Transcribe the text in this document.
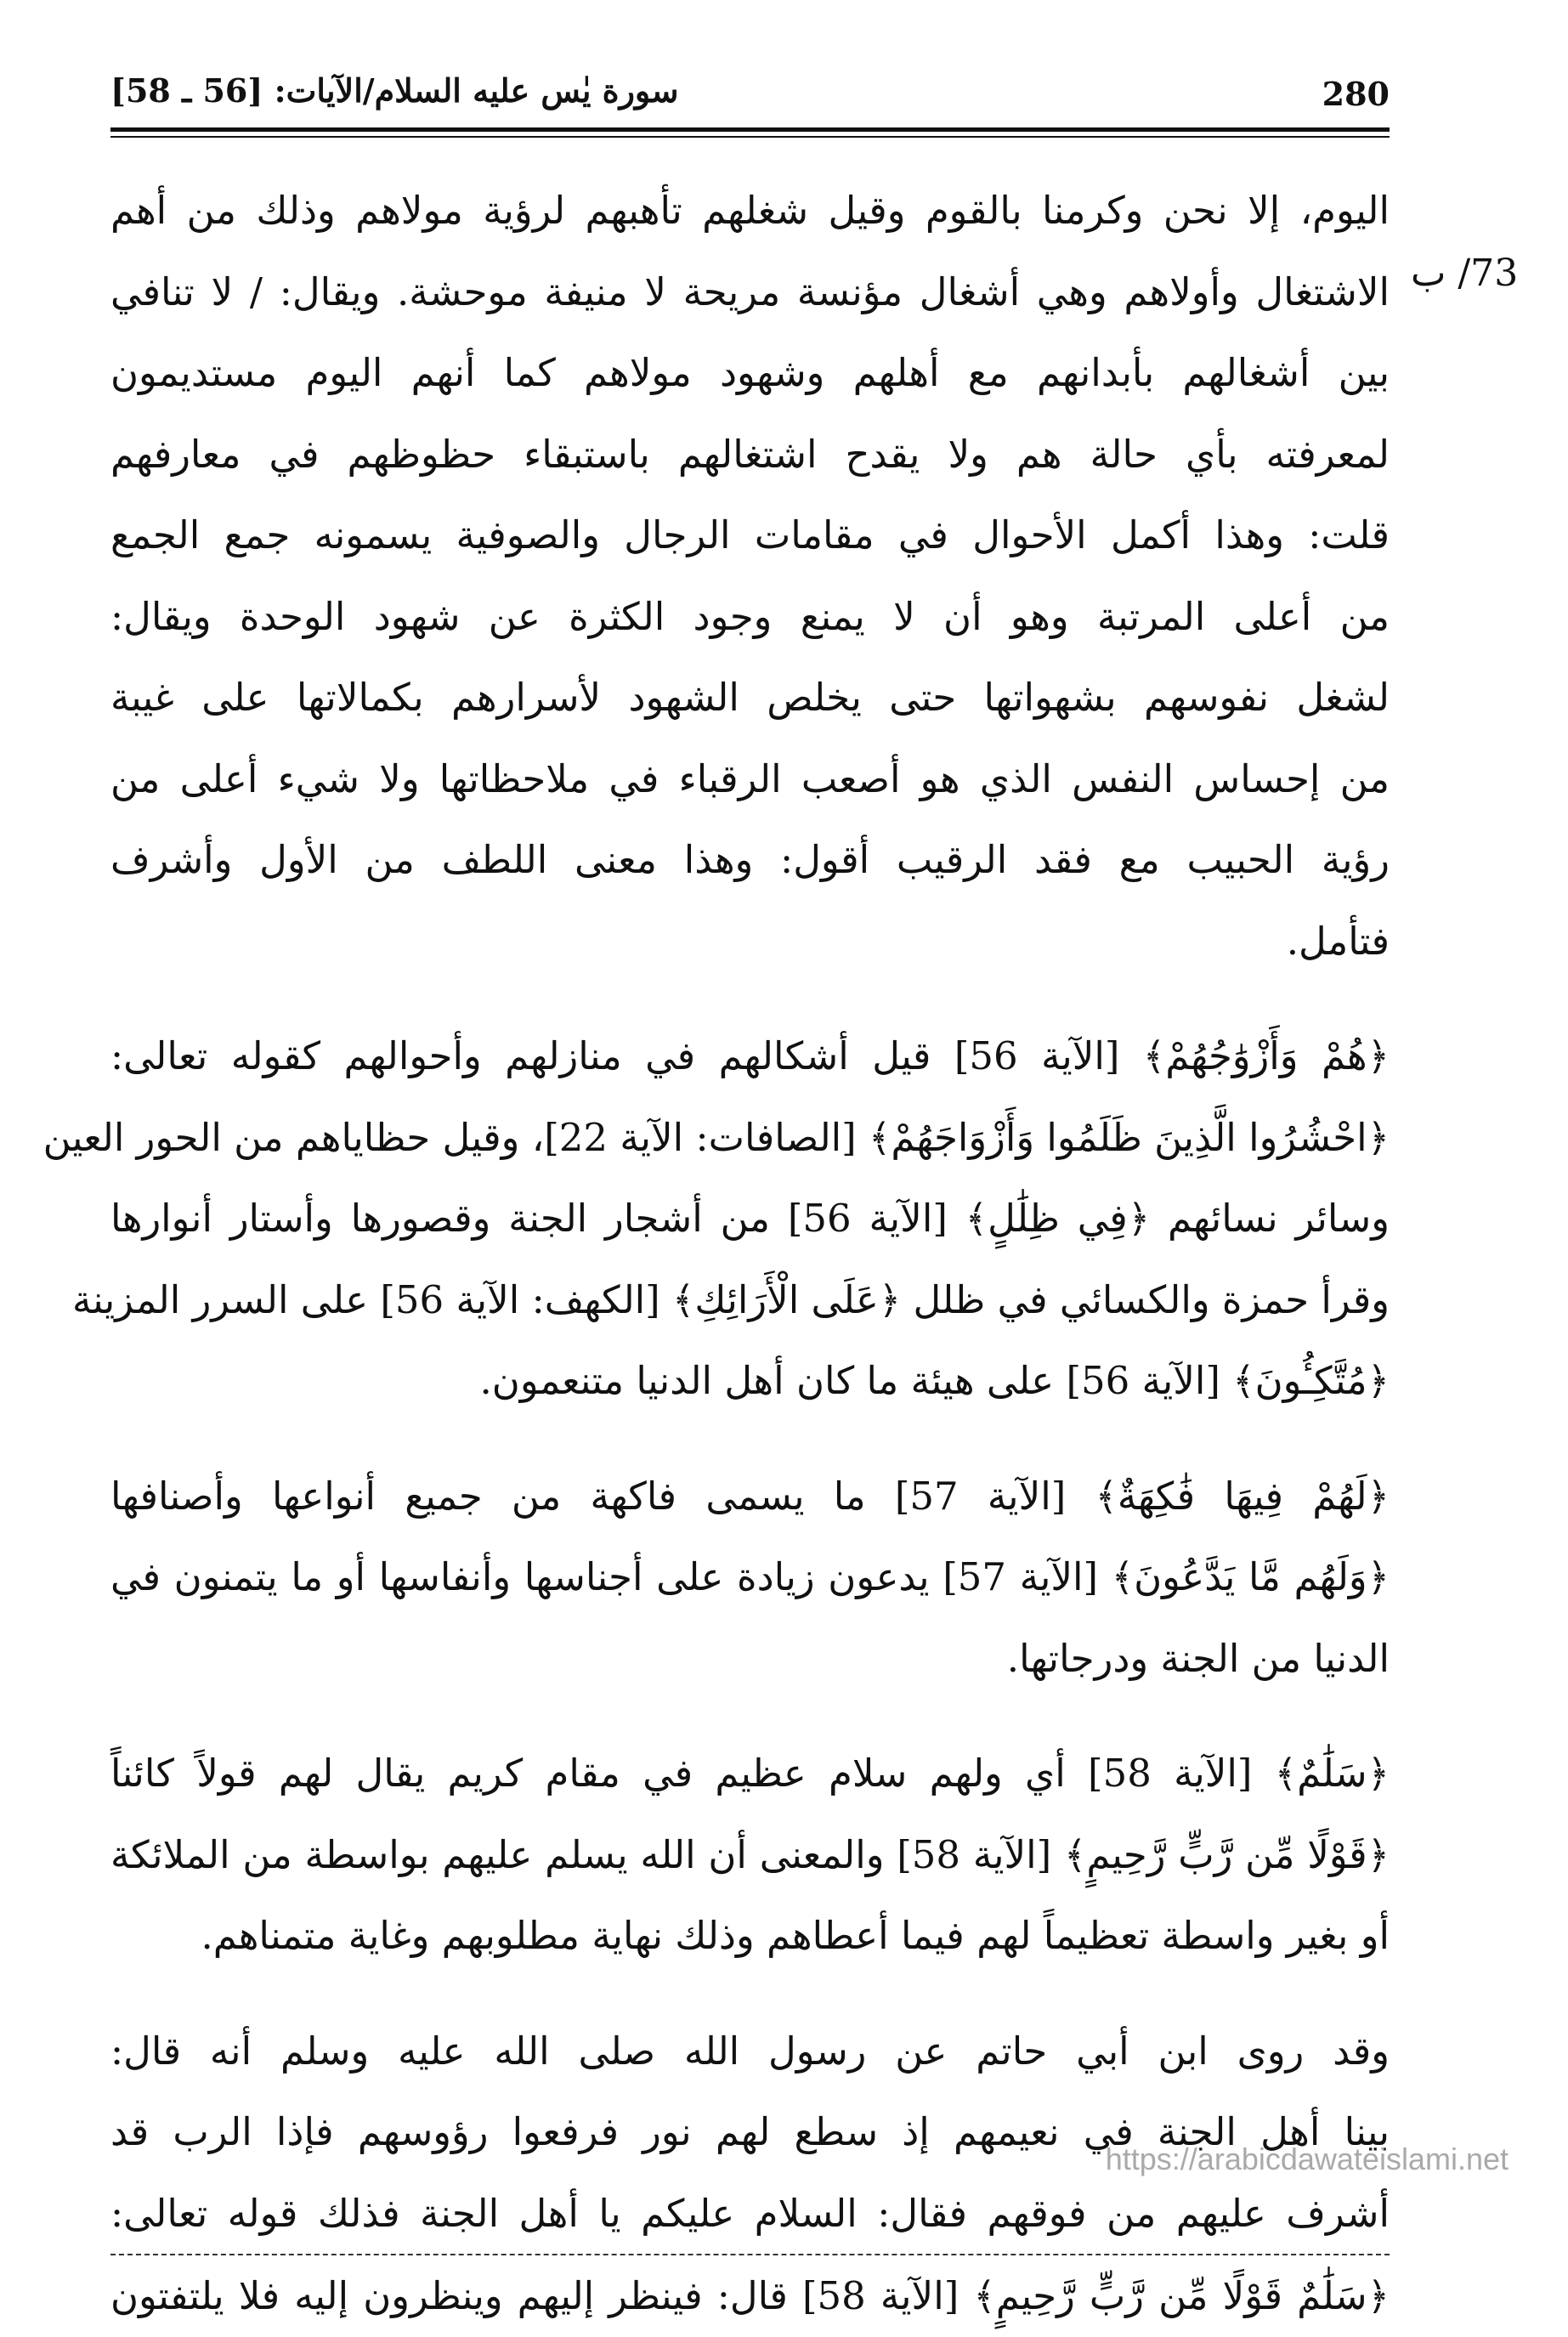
280
سورة يٰس عليه السلام/الآيات: [56 ـ 58]
73/ ب
اليوم، إلا نحن وكرمنا بالقوم وقيل شغلهم تأهبهم لرؤية مولاهم وذلك من أهم
الاشتغال وأولاهم وهي أشغال مؤنسة مريحة لا منيفة موحشة. ويقال: / لا تنافي
بين أشغالهم بأبدانهم مع أهلهم وشهود مولاهم كما أنهم اليوم مستديمون
لمعرفته بأي حالة هم ولا يقدح اشتغالهم باستبقاء حظوظهم في معارفهم
قلت: وهذا أكمل الأحوال في مقامات الرجال والصوفية يسمونه جمع الجمع
من أعلى المرتبة وهو أن لا يمنع وجود الكثرة عن شهود الوحدة ويقال:
لشغل نفوسهم بشهواتها حتى يخلص الشهود لأسرارهم بكمالاتها على غيبة
من إحساس النفس الذي هو أصعب الرقباء في ملاحظاتها ولا شيء أعلى من
رؤية الحبيب مع فقد الرقيب أقول: وهذا معنى اللطف من الأول وأشرف
فتأمل.
﴿هُمْ وَأَزْوَٰجُهُمْ﴾ [الآية 56] قيل أشكالهم في منازلهم وأحوالهم كقوله تعالى:
﴿احْشُرُوا الَّذِينَ ظَلَمُوا وَأَزْوَاجَهُمْ﴾ [الصافات: الآية 22]، وقيل حظاياهم من الحور العين
وسائر نسائهم ﴿فِي ظِلَٰلٍ﴾ [الآية 56] من أشجار الجنة وقصورها وأستار أنوارها
وقرأ حمزة والكسائي في ظلل ﴿عَلَى الْأَرَائِكِ﴾ [الكهف: الآية 56] على السرر المزينة
﴿مُتَّكِـُٔونَ﴾ [الآية 56] على هيئة ما كان أهل الدنيا متنعمون.
﴿لَهُمْ فِيهَا فَٰكِهَةٌ﴾ [الآية 57] ما يسمى فاكهة من جميع أنواعها وأصنافها
﴿وَلَهُم مَّا يَدَّعُونَ﴾ [الآية 57] يدعون زيادة على أجناسها وأنفاسها أو ما يتمنون في
الدنيا من الجنة ودرجاتها.
﴿سَلَٰمٌ﴾ [الآية 58] أي ولهم سلام عظيم في مقام كريم يقال لهم قولاً كائناً
﴿قَوْلًا مِّن رَّبٍّ رَّحِيمٍ﴾ [الآية 58] والمعنى أن الله يسلم عليهم بواسطة من الملائكة
أو بغير واسطة تعظيماً لهم فيما أعطاهم وذلك نهاية مطلوبهم وغاية متمناهم.
وقد روى ابن أبي حاتم عن رسول الله صلى الله عليه وسلم أنه قال:
بينا أهل الجنة في نعيمهم إذ سطع لهم نور فرفعوا رؤوسهم فإذا الرب قد
أشرف عليهم من فوقهم فقال: السلام عليكم يا أهل الجنة فذلك قوله تعالى:
﴿سَلَٰمٌ قَوْلًا مِّن رَّبٍّ رَّحِيمٍ﴾ [الآية 58] قال: فينظر إليهم وينظرون إليه فلا يلتفتون
https://arabicdawateislami.net
